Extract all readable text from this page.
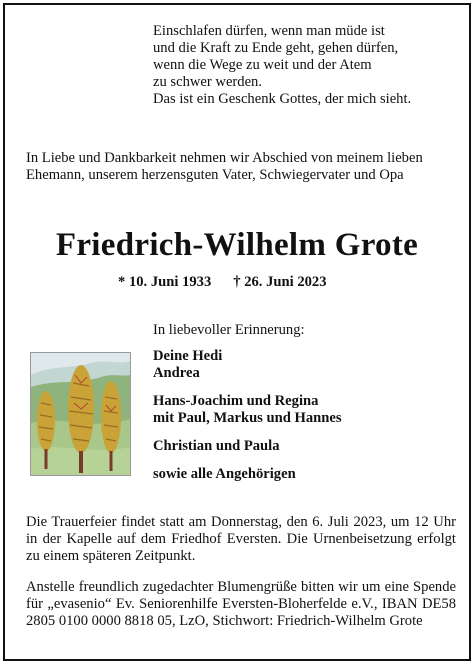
Einschlafen dürfen, wenn man müde ist
und die Kraft zu Ende geht, gehen dürfen,
wenn die Wege zu weit und der Atem
zu schwer werden.
Das ist ein Geschenk Gottes, der mich sieht.
In Liebe und Dankbarkeit nehmen wir Abschied von meinem lieben Ehemann, unserem herzensguten Vater, Schwiegervater und Opa
Friedrich-Wilhelm Grote
* 10. Juni 1933 † 26. Juni 2023
In liebevoller Erinnerung:
Deine Hedi
Andrea
Hans-Joachim und Regina
mit Paul, Markus und Hannes
Christian und Paula
sowie alle Angehörigen
Die Trauerfeier findet statt am Donnerstag, den 6. Juli 2023, um 12 Uhr in der Kapelle auf dem Friedhof Eversten. Die Urnenbeisetzung erfolgt zu einem späteren Zeitpunkt.
Anstelle freundlich zugedachter Blumengrüße bitten wir um eine Spende für „evasenio“ Ev. Seniorenhilfe Eversten-Bloherfelde e.V., IBAN DE58 2805 0100 0000 8818 05, LzO, Stichwort: Friedrich-Wilhelm Grote
